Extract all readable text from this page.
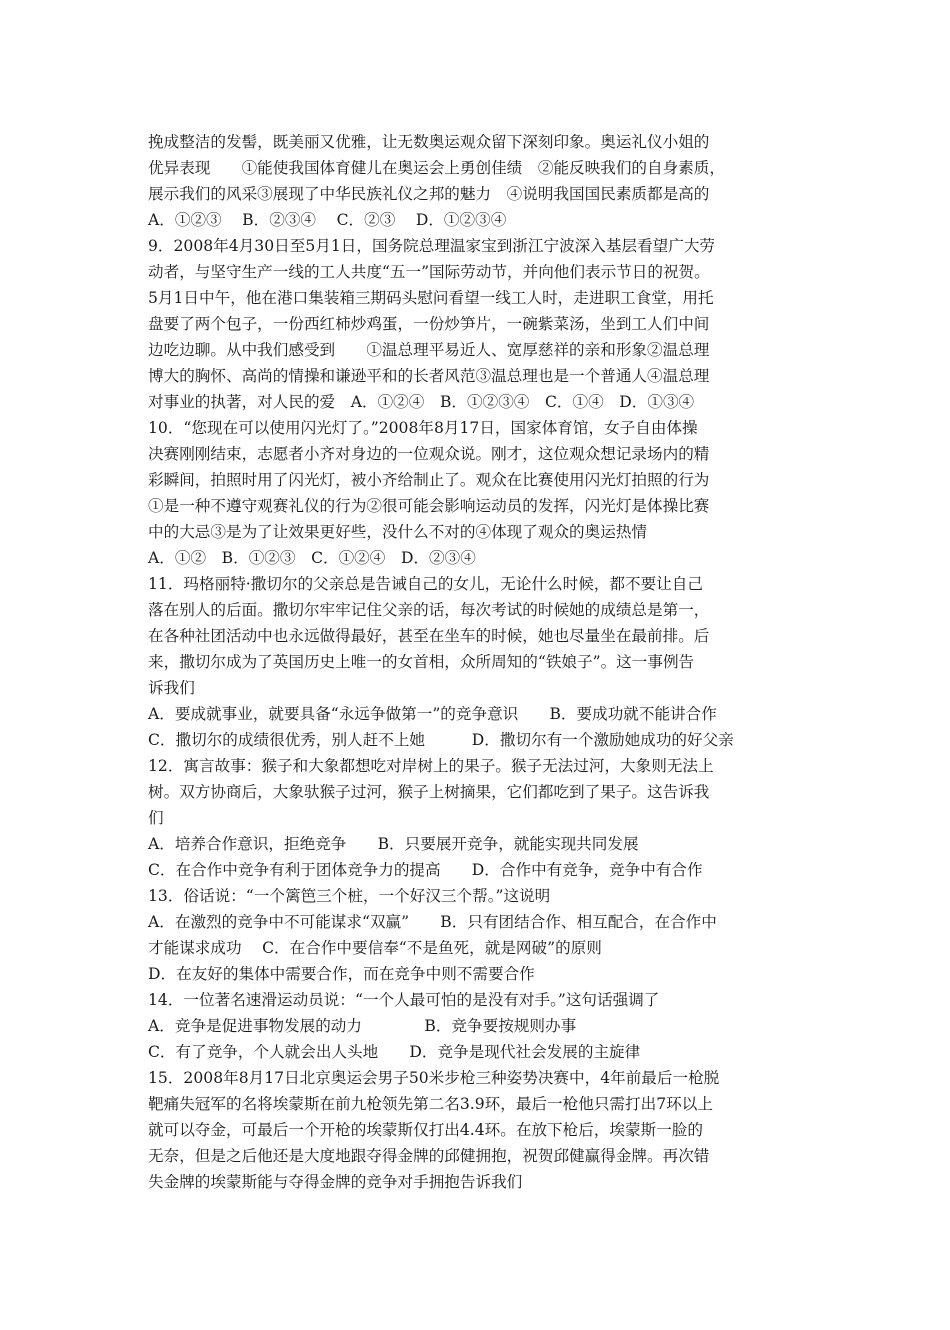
挽成整洁的发髻，既美丽又优雅，让无数奥运观众留下深刻印象。奥运礼仪小姐的
优异表现　　①能使我国体育健儿在奥运会上勇创佳绩　②能反映我们的自身素质，
展示我们的风采③展现了中华民族礼仪之邦的魅力　④说明我国国民素质都是高的
A．①②③　 B．②③④　 C．②③　 D．①②③④
9．2008年4月30日至5月1日，国务院总理温家宝到浙江宁波深入基层看望广大劳
动者，与坚守生产一线的工人共度“五一”国际劳动节，并向他们表示节日的祝贺。
5月1日中午，他在港口集装箱三期码头慰问看望一线工人时，走进职工食堂，用托
盘要了两个包子，一份西红柿炒鸡蛋，一份炒笋片，一碗紫菜汤，坐到工人们中间
边吃边聊。从中我们感受到　　①温总理平易近人、宽厚慈祥的亲和形象②温总理
博大的胸怀、高尚的情操和谦逊平和的长者风范③温总理也是一个普通人④温总理
对事业的执著，对人民的爱　A．①②④　B．①②③④　C．①④　D．①③④
10．“您现在可以使用闪光灯了。”2008年8月17日，国家体育馆，女子自由体操
决赛刚刚结束，志愿者小齐对身边的一位观众说。刚才，这位观众想记录场内的精
彩瞬间，拍照时用了闪光灯，被小齐给制止了。观众在比赛使用闪光灯拍照的行为
①是一种不遵守观赛礼仪的行为②很可能会影响运动员的发挥，闪光灯是体操比赛
中的大忌③是为了让效果更好些，没什么不对的④体现了观众的奥运热情
A．①②　B．①②③　C．①②④　D．②③④
11．玛格丽特·撒切尔的父亲总是告诫自己的女儿，无论什么时候，都不要让自己
落在别人的后面。撒切尔牢牢记住父亲的话，每次考试的时候她的成绩总是第一，
在各种社团活动中也永远做得最好，甚至在坐车的时候，她也尽量坐在最前排。后
来，撒切尔成为了英国历史上唯一的女首相，众所周知的“铁娘子”。这一事例告
诉我们
A．要成就事业，就要具备“永远争做第一”的竞争意识　　B．要成功就不能讲合作
C．撒切尔的成绩很优秀，别人赶不上她　　　D．撒切尔有一个激励她成功的好父亲
12．寓言故事：猴子和大象都想吃对岸树上的果子。猴子无法过河，大象则无法上
树。双方协商后，大象驮猴子过河，猴子上树摘果，它们都吃到了果子。这告诉我
们
A．培养合作意识，拒绝竞争　　B．只要展开竞争，就能实现共同发展
C．在合作中竞争有利于团体竞争力的提高　　D．合作中有竞争，竞争中有合作
13．俗话说：“一个篱笆三个桩，一个好汉三个帮。”这说明
A．在激烈的竞争中不可能谋求“双赢”　　B．只有团结合作、相互配合，在合作中
才能谋求成功　 C．在合作中要信奉“不是鱼死，就是网破”的原则
D．在友好的集体中需要合作，而在竞争中则不需要合作
14．一位著名速滑运动员说：“一个人最可怕的是没有对手。”这句话强调了
A．竞争是促进事物发展的动力　　　　B．竞争要按规则办事
C．有了竞争，个人就会出人头地　　D．竞争是现代社会发展的主旋律
15．2008年8月17日北京奥运会男子50米步枪三种姿势决赛中，4年前最后一枪脱
靶痛失冠军的名将埃蒙斯在前九枪领先第二名3.9环，最后一枪他只需打出7环以上
就可以夺金，可最后一个开枪的埃蒙斯仅打出4.4环。在放下枪后，埃蒙斯一脸的
无奈，但是之后他还是大度地跟夺得金牌的邱健拥抱，祝贺邱健赢得金牌。再次错
失金牌的埃蒙斯能与夺得金牌的竞争对手拥抱告诉我们
